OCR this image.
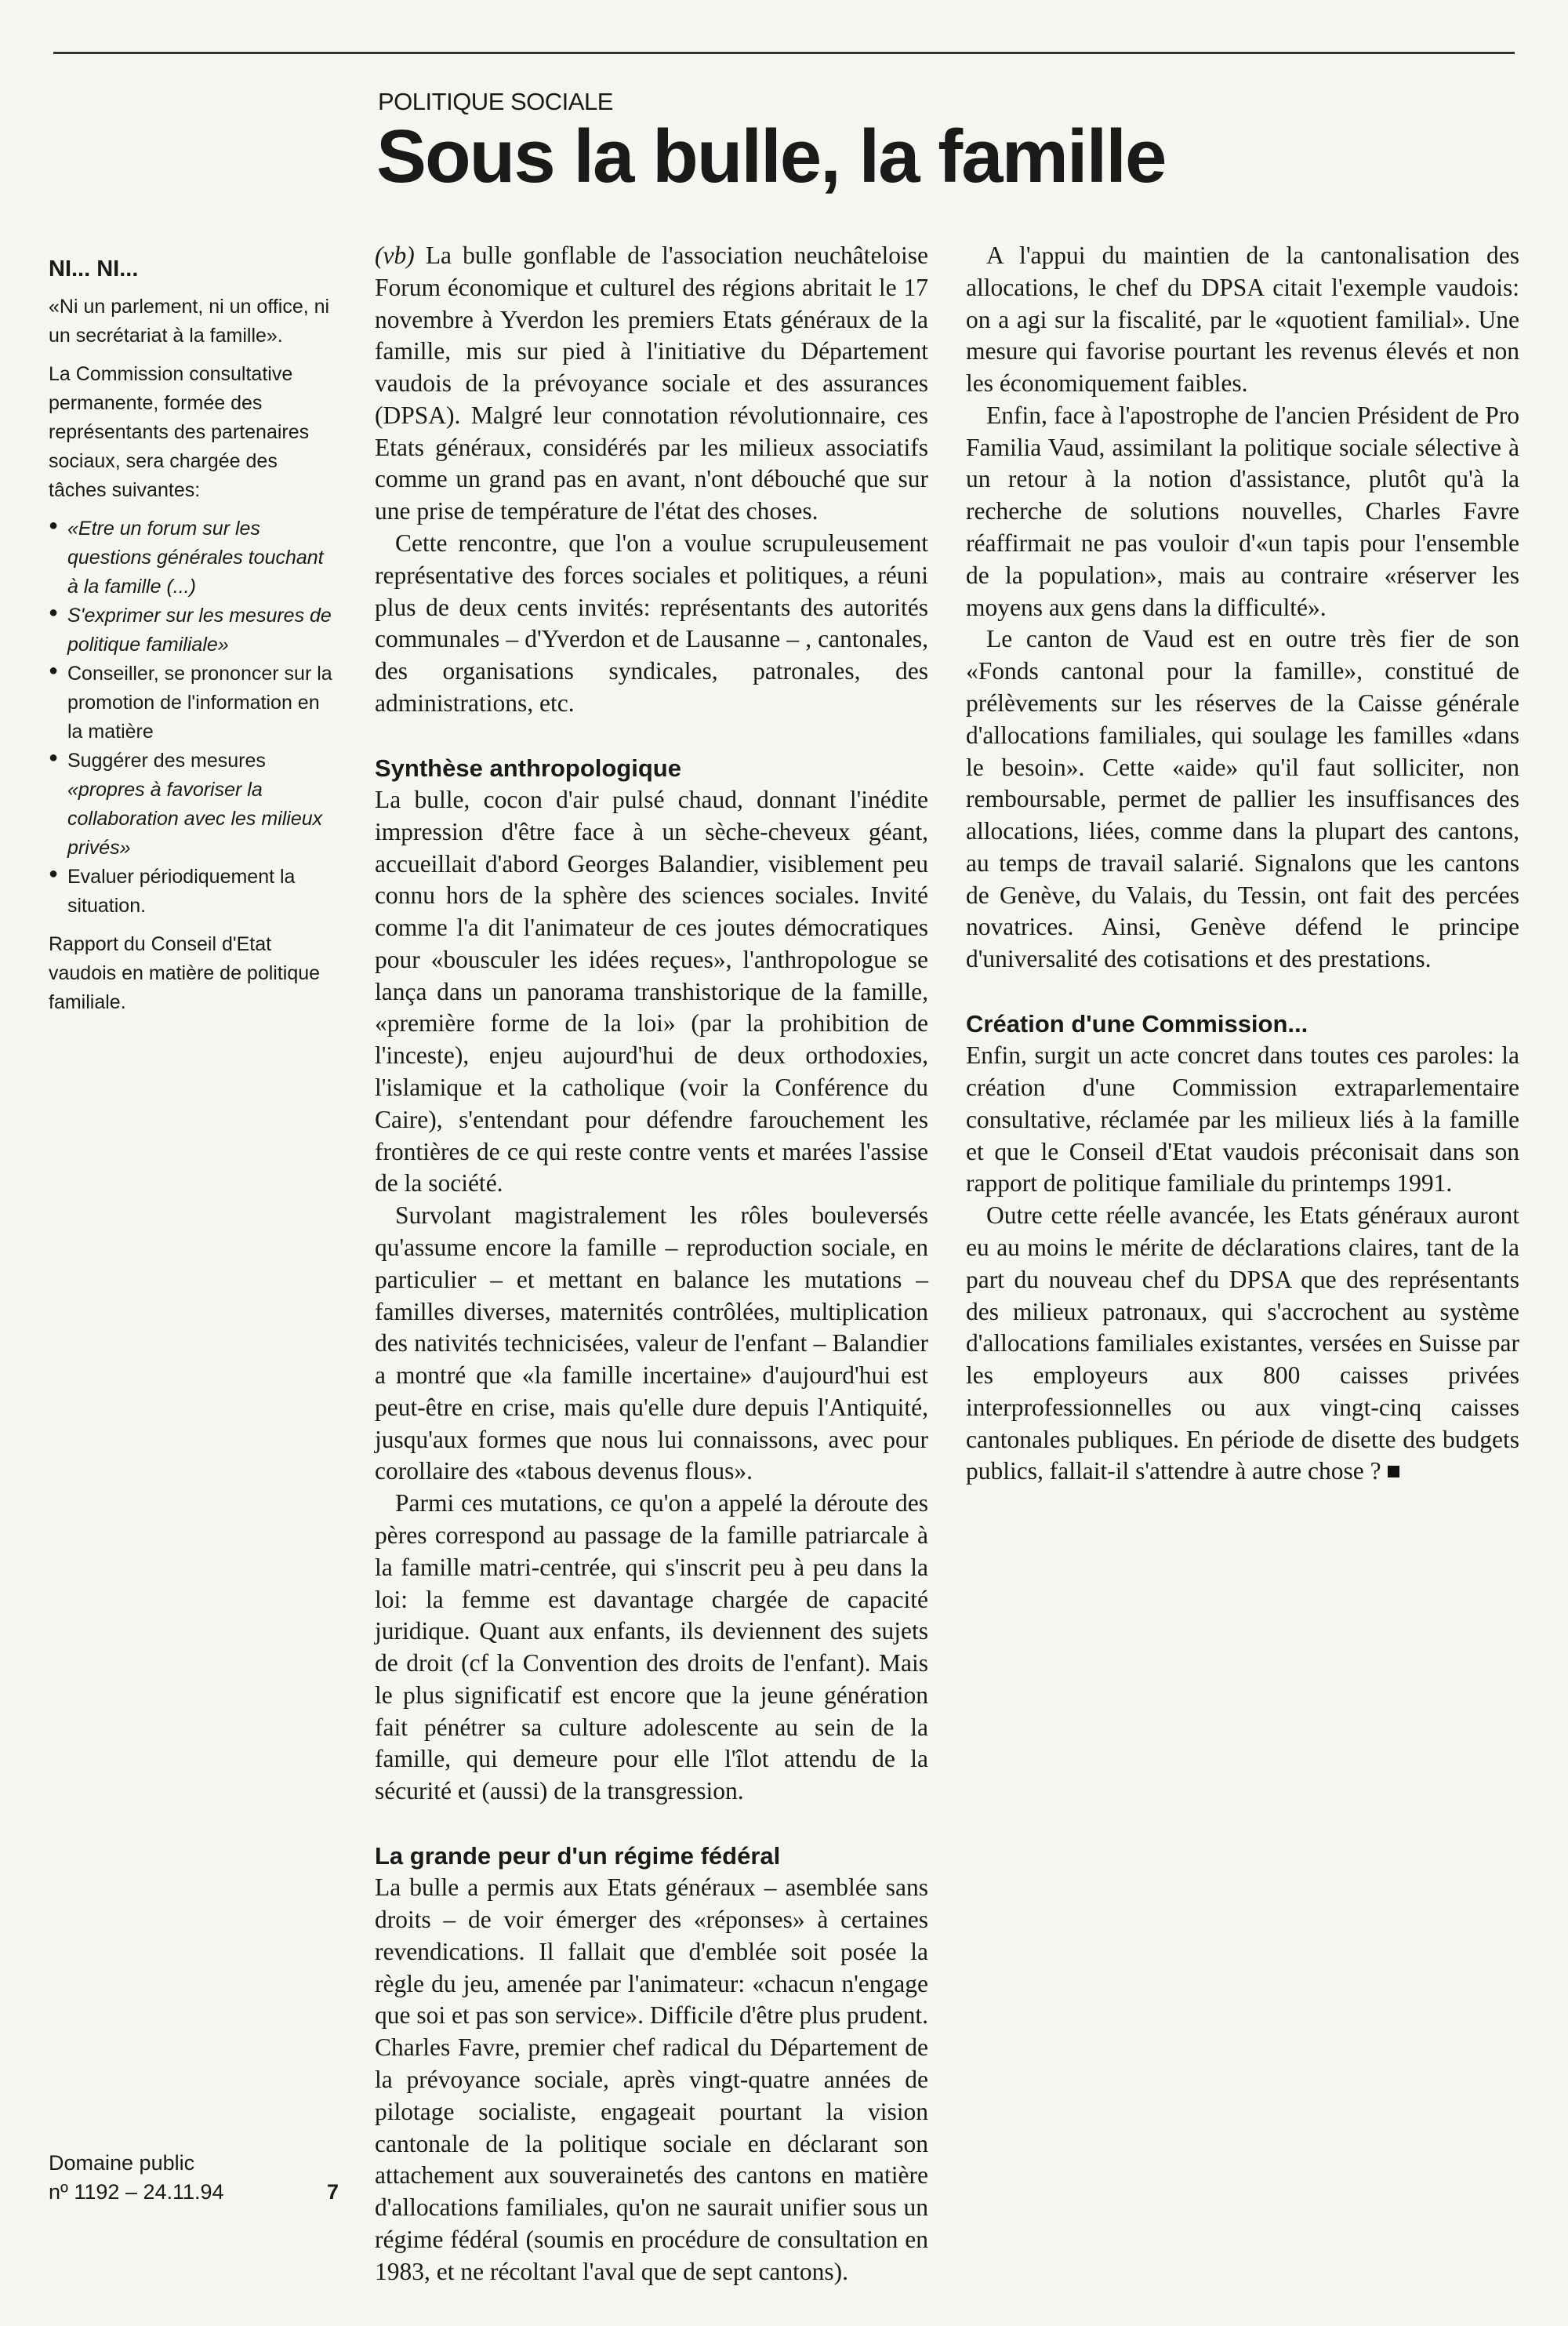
POLITIQUE SOCIALE
Sous la bulle, la famille
NI... NI...

«Ni un parlement, ni un office, ni un secrétariat à la famille».

La Commission consultative permanente, formée des représentants des partenaires sociaux, sera chargée des tâches suivantes:

● «Etre un forum sur les questions générales touchant à la famille (...)
● S'exprimer sur les mesures de politique familiale»
● Conseiller, se prononcer sur la promotion de l'information en la matière
● Suggérer des mesures «propres à favoriser la collaboration avec les milieux privés»
● Evaluer périodiquement la situation.

Rapport du Conseil d'Etat vaudois en matière de politique familiale.

Domaine public
nº 1192 – 24.11.94	7

(vb) La bulle gonflable de l'association neuchâteloise Forum économique et culturel des régions abritait le 17 novembre à Yverdon les premiers Etats généraux de la famille, mis sur pied à l'initiative du Département vaudois de la prévoyance sociale et des assurances (DPSA). Malgré leur connotation révolutionnaire, ces Etats généraux, considérés par les milieux associatifs comme un grand pas en avant, n'ont débouché que sur une prise de température de l'état des choses.

Cette rencontre, que l'on a voulue scrupuleusement représentative des forces sociales et politiques, a réuni plus de deux cents invités: représentants des autorités communales – d'Yverdon et de Lausanne – , cantonales, des organisations syndicales, patronales, des administrations, etc.

Synthèse anthropologique

La bulle, cocon d'air pulsé chaud, donnant l'inédite impression d'être face à un sèche-cheveux géant, accueillait d'abord Georges Balandier, visiblement peu connu hors de la sphère des sciences sociales. Invité comme l'a dit l'animateur de ces joutes démocratiques pour «bousculer les idées reçues», l'anthropologue se lança dans un panorama transhistorique de la famille, «première forme de la loi» (par la prohibition de l'inceste), enjeu aujourd'hui de deux orthodoxies, l'islamique et la catholique (voir la Conférence du Caire), s'entendant pour défendre farouchement les frontières de ce qui reste contre vents et marées l'assise de la société.

Survolant magistralement les rôles bouleversés qu'assume encore la famille – reproduction sociale, en particulier – et mettant en balance les mutations – familles diverses, maternités contrôlées, multiplication des nativités technicisées, valeur de l'enfant – Balandier a montré que «la famille incertaine» d'aujourd'hui est peut-être en crise, mais qu'elle dure depuis l'Antiquité, jusqu'aux formes que nous lui connaissons, avec pour corollaire des «tabous devenus flous».

Parmi ces mutations, ce qu'on a appelé la déroute des pères correspond au passage de la famille patriarcale à la famille matri-centrée, qui s'inscrit peu à peu dans la loi: la femme est davantage chargée de capacité juridique. Quant aux enfants, ils deviennent des sujets de droit (cf la Convention des droits de l'enfant). Mais le plus significatif est encore que la jeune génération fait pénétrer sa culture adolescente au sein de la famille, qui demeure pour elle l'îlot attendu de la sécurité et (aussi) de la transgression.

La grande peur d'un régime fédéral

La bulle a permis aux Etats généraux – asemblée sans droits – de voir émerger des «réponses» à certaines revendications. Il fallait que d'emblée soit posée la règle du jeu, amenée par l'animateur: «chacun n'engage que soi et pas son service». Difficile d'être plus prudent. Charles Favre, premier chef radical du Département de la prévoyance sociale, après vingt-quatre années de pilotage socialiste, engageait pourtant la vision cantonale de la politique sociale en déclarant son attachement aux souverainetés des cantons en matière d'allocations familiales, qu'on ne saurait unifier sous un régime fédéral (soumis en procédure de consultation en 1983, et ne récoltant l'aval que de sept cantons).

A l'appui du maintien de la cantonalisation des allocations, le chef du DPSA citait l'exemple vaudois: on a agi sur la fiscalité, par le «quotient familial». Une mesure qui favorise pourtant les revenus élevés et non les économiquement faibles.

Enfin, face à l'apostrophe de l'ancien Président de Pro Familia Vaud, assimilant la politique sociale sélective à un retour à la notion d'assistance, plutôt qu'à la recherche de solutions nouvelles, Charles Favre réaffirmait ne pas vouloir d'«un tapis pour l'ensemble de la population», mais au contraire «réserver les moyens aux gens dans la difficulté».

Le canton de Vaud est en outre très fier de son «Fonds cantonal pour la famille», constitué de prélèvements sur les réserves de la Caisse générale d'allocations familiales, qui soulage les familles «dans le besoin». Cette «aide» qu'il faut solliciter, non remboursable, permet de pallier les insuffisances des allocations, liées, comme dans la plupart des cantons, au temps de travail salarié. Signalons que les cantons de Genève, du Valais, du Tessin, ont fait des percées novatrices. Ainsi, Genève défend le principe d'universalité des cotisations et des prestations.

Création d'une Commission...

Enfin, surgit un acte concret dans toutes ces paroles: la création d'une Commission extraparlementaire consultative, réclamée par les milieux liés à la famille et que le Conseil d'Etat vaudois préconisait dans son rapport de politique familiale du printemps 1991.

Outre cette réelle avancée, les Etats généraux auront eu au moins le mérite de déclarations claires, tant de la part du nouveau chef du DPSA que des représentants des milieux patronaux, qui s'accrochent au système d'allocations familiales existantes, versées en Suisse par les employeurs aux 800 caisses privées interprofessionnelles ou aux vingt-cinq caisses cantonales publiques. En période de disette des budgets publics, fallait-il s'attendre à autre chose ?
